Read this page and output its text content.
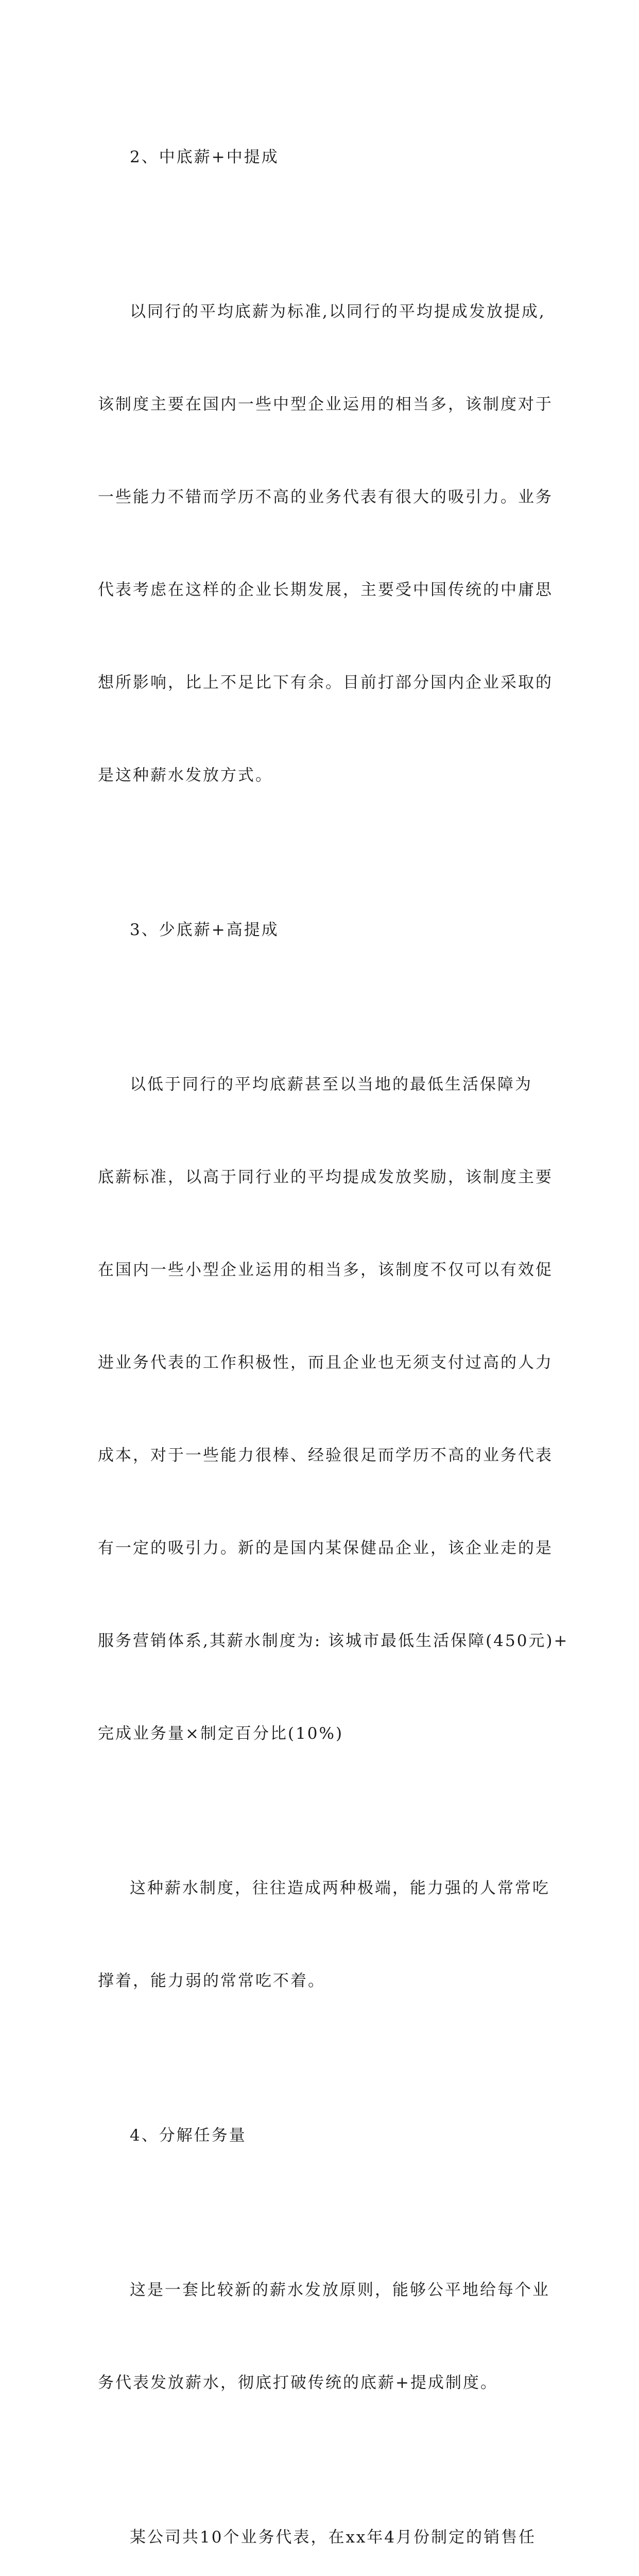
2、中底薪+中提成

以同行的平均底薪为标准,以同行的平均提成发放提成,

该制度主要在国内一些中型企业运用的相当多，该制度对于

一些能力不错而学历不高的业务代表有很大的吸引力。业务

代表考虑在这样的企业长期发展，主要受中国传统的中庸思

想所影响，比上不足比下有余。目前打部分国内企业采取的

是这种薪水发放方式。

3、少底薪+高提成

以低于同行的平均底薪甚至以当地的最低生活保障为

底薪标准，以高于同行业的平均提成发放奖励，该制度主要

在国内一些小型企业运用的相当多，该制度不仅可以有效促

进业务代表的工作积极性，而且企业也无须支付过高的人力

成本，对于一些能力很棒、经验很足而学历不高的业务代表

有一定的吸引力。新的是国内某保健品企业，该企业走的是

服务营销体系,其薪水制度为: 该城市最低生活保障(450元)+

完成业务量×制定百分比(10%)

这种薪水制度，往往造成两种极端，能力强的人常常吃

撑着，能力弱的常常吃不着。

4、分解任务量

这是一套比较新的薪水发放原则，能够公平地给每个业

务代表发放薪水，彻底打破传统的底薪+提成制度。

某公司共10个业务代表，在xx年4月份制定的销售任
